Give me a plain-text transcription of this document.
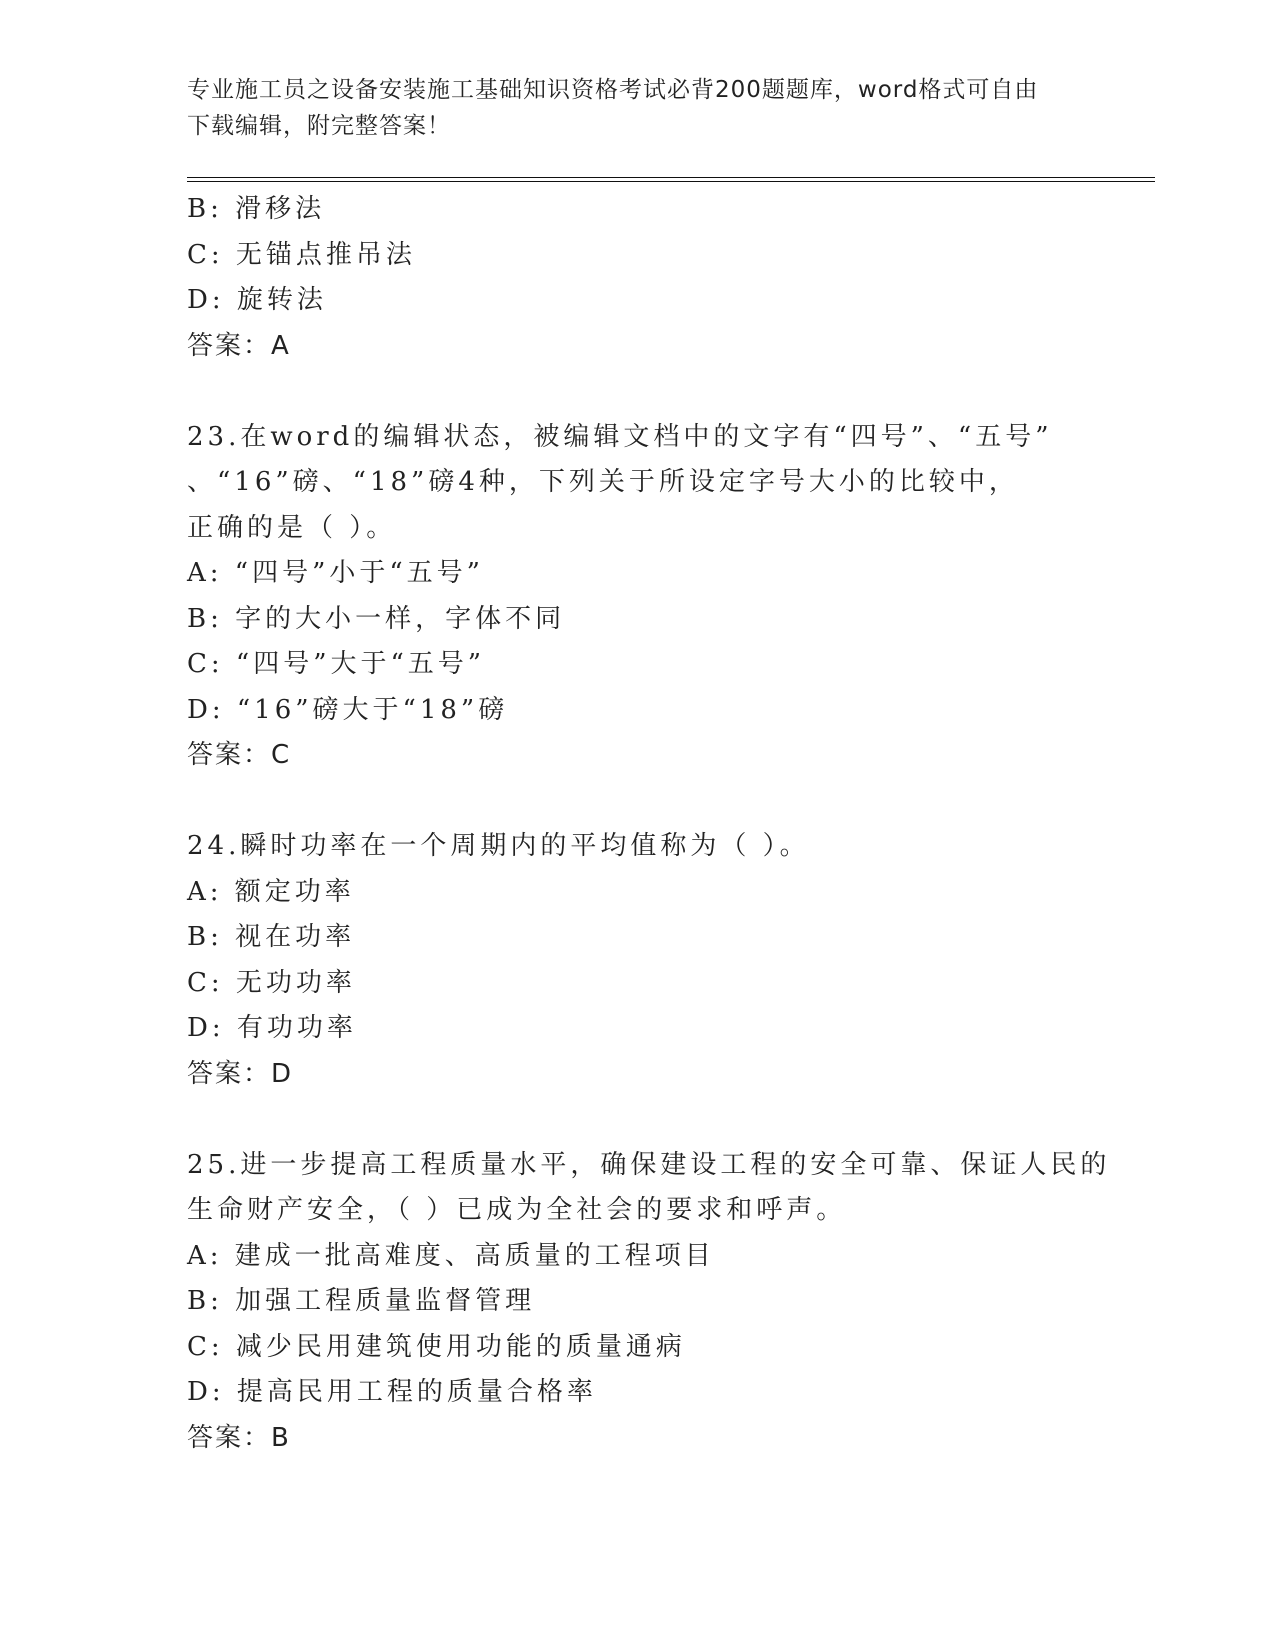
专业施工员之设备安装施工基础知识资格考试必背200题题库，word格式可自由
下载编辑，附完整答案！
B: 滑移法
C: 无锚点推吊法
D: 旋转法
答案：A
23.在word的编辑状态，被编辑文档中的文字有“四号”、“五号”
、“16”磅、“18”磅4种，下列关于所设定字号大小的比较中，
正确的是（ ）。
A: “四号”小于“五号”
B: 字的大小一样，字体不同
C: “四号”大于“五号”
D: “16”磅大于“18”磅
答案：C
24.瞬时功率在一个周期内的平均值称为（ ）。
A: 额定功率
B: 视在功率
C: 无功功率
D: 有功功率
答案：D
25.进一步提高工程质量水平，确保建设工程的安全可靠、保证人民的
生命财产安全，（ ）已成为全社会的要求和呼声。
A: 建成一批高难度、高质量的工程项目
B: 加强工程质量监督管理
C: 减少民用建筑使用功能的质量通病
D: 提高民用工程的质量合格率
答案：B
